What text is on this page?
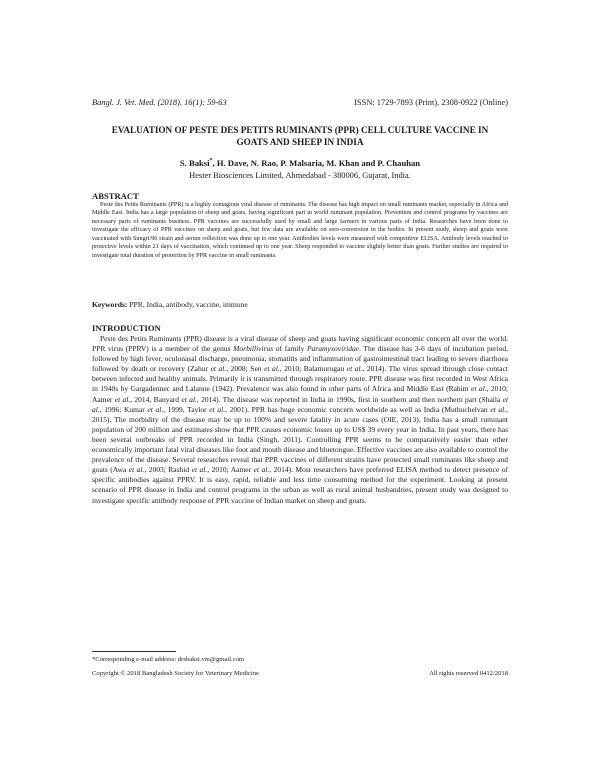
Bangl. J. Vet. Med. (2018). 16(1): 59-63	ISSN: 1729-7893 (Print), 2308-0922 (Online)
EVALUATION OF PESTE DES PETITS RUMINANTS (PPR) CELL CULTURE VACCINE IN GOATS AND SHEEP IN INDIA
S. Baksi*, H. Dave, N. Rao, P. Malsaria, M. Khan and P. Chauhan
Hester Biosciences Limited, Ahmedabad - 380006, Gujarat, India.
ABSTRACT
Peste des Petits Ruminants (PPR) is a highly contagious viral disease of ruminants. The disease has high impact on small ruminants market, especially in Africa and Middle East. India has a large population of sheep and goats, having significant part in world ruminant population. Prevention and control programs by vaccines are necessary parts of ruminants business. PPR vaccines are successfully used by small and large farmers in various parts of India. Researches have been done to investigate the efficacy of PPR vaccines on sheep and goats, but few data are available on sero-conversion in the bodies. In present study, sheep and goats were vaccinated with Sungri/96 strain and serum collection was done up to one year. Antibodies levels were measured with competitive ELISA. Antibody levels reached to protective levels within 21 days of vaccination, which continued up to one year. Sheep responded to vaccine slightly better than goats. Further studies are required to investigate total duration of protection by PPR vaccine in small ruminants.
Keywords: PPR, India, antibody, vaccine, immune
INTRODUCTION
Peste des Petits Ruminants (PPR) disease is a viral disease of sheep and goats having significant economic concern all over the world. PPR virus (PPRV) is a member of the genus Morbillivirus of family Paramyxoviridae. The disease has 3-6 days of incubation period, followed by high fever, oculonasal discharge, pneumonia, stomatitis and inflammation of gastrointestinal tract leading to severe diarrhoea followed by death or recovery (Zahur et al., 2008; Sen et al., 2010; Balamurugan et al., 2014). The virus spread through close contact between infected and healthy animals. Primarily it is transmitted through respiratory route. PPR disease was first recorded in West Africa in 1940s by Gargadennec and Lalanne (1942). Prevalence was also found in other parts of Africa and Middle East (Rahim et al., 2010; Aamer et al., 2014, Banyard et al., 2014). The disease was reported in India in 1990s, first in southern and then northern part (Shaila et al., 1996; Kumar et al., 1999, Taylor et al., 2001). PPR has huge economic concern worldwide as well as India (Muthuchelvan et al., 2015). The morbidity of the disease may be up to 100% and severe fatality in acute cases (OIE, 2013). India has a small ruminant population of 200 million and estimates show that PPR causes economic losses up to US$ 39 every year in India. In past years, there has been several outbreaks of PPR recorded in India (Singh, 2011). Controlling PPR seems to be comparatively easier than other economically important fatal viral diseases like foot and mouth disease and bluetongue. Effective vaccines are also available to control the prevalence of the disease. Several researches reveal that PPR vaccines of different strains have protected small ruminants like sheep and goats (Awa et al., 2003; Rashid et al., 2010; Aamer et al., 2014). Most researchers have preferred ELISA method to detect presence of specific antibodies against PPRV. It is easy, rapid, reliable and less time consuming method for the experiment. Looking at present scenario of PPR disease in India and control programs in the urban as well as rural animal husbandries, present study was designed to investigate specific antibody response of PPR vaccine of Indian market on sheep and goats.
*Corresponding e-mail address: drsbaksi.vm@gmail.com
Copyright © 2018 Bangladesh Society for Veterinary Medicine	All rights reserved 0412/2018
